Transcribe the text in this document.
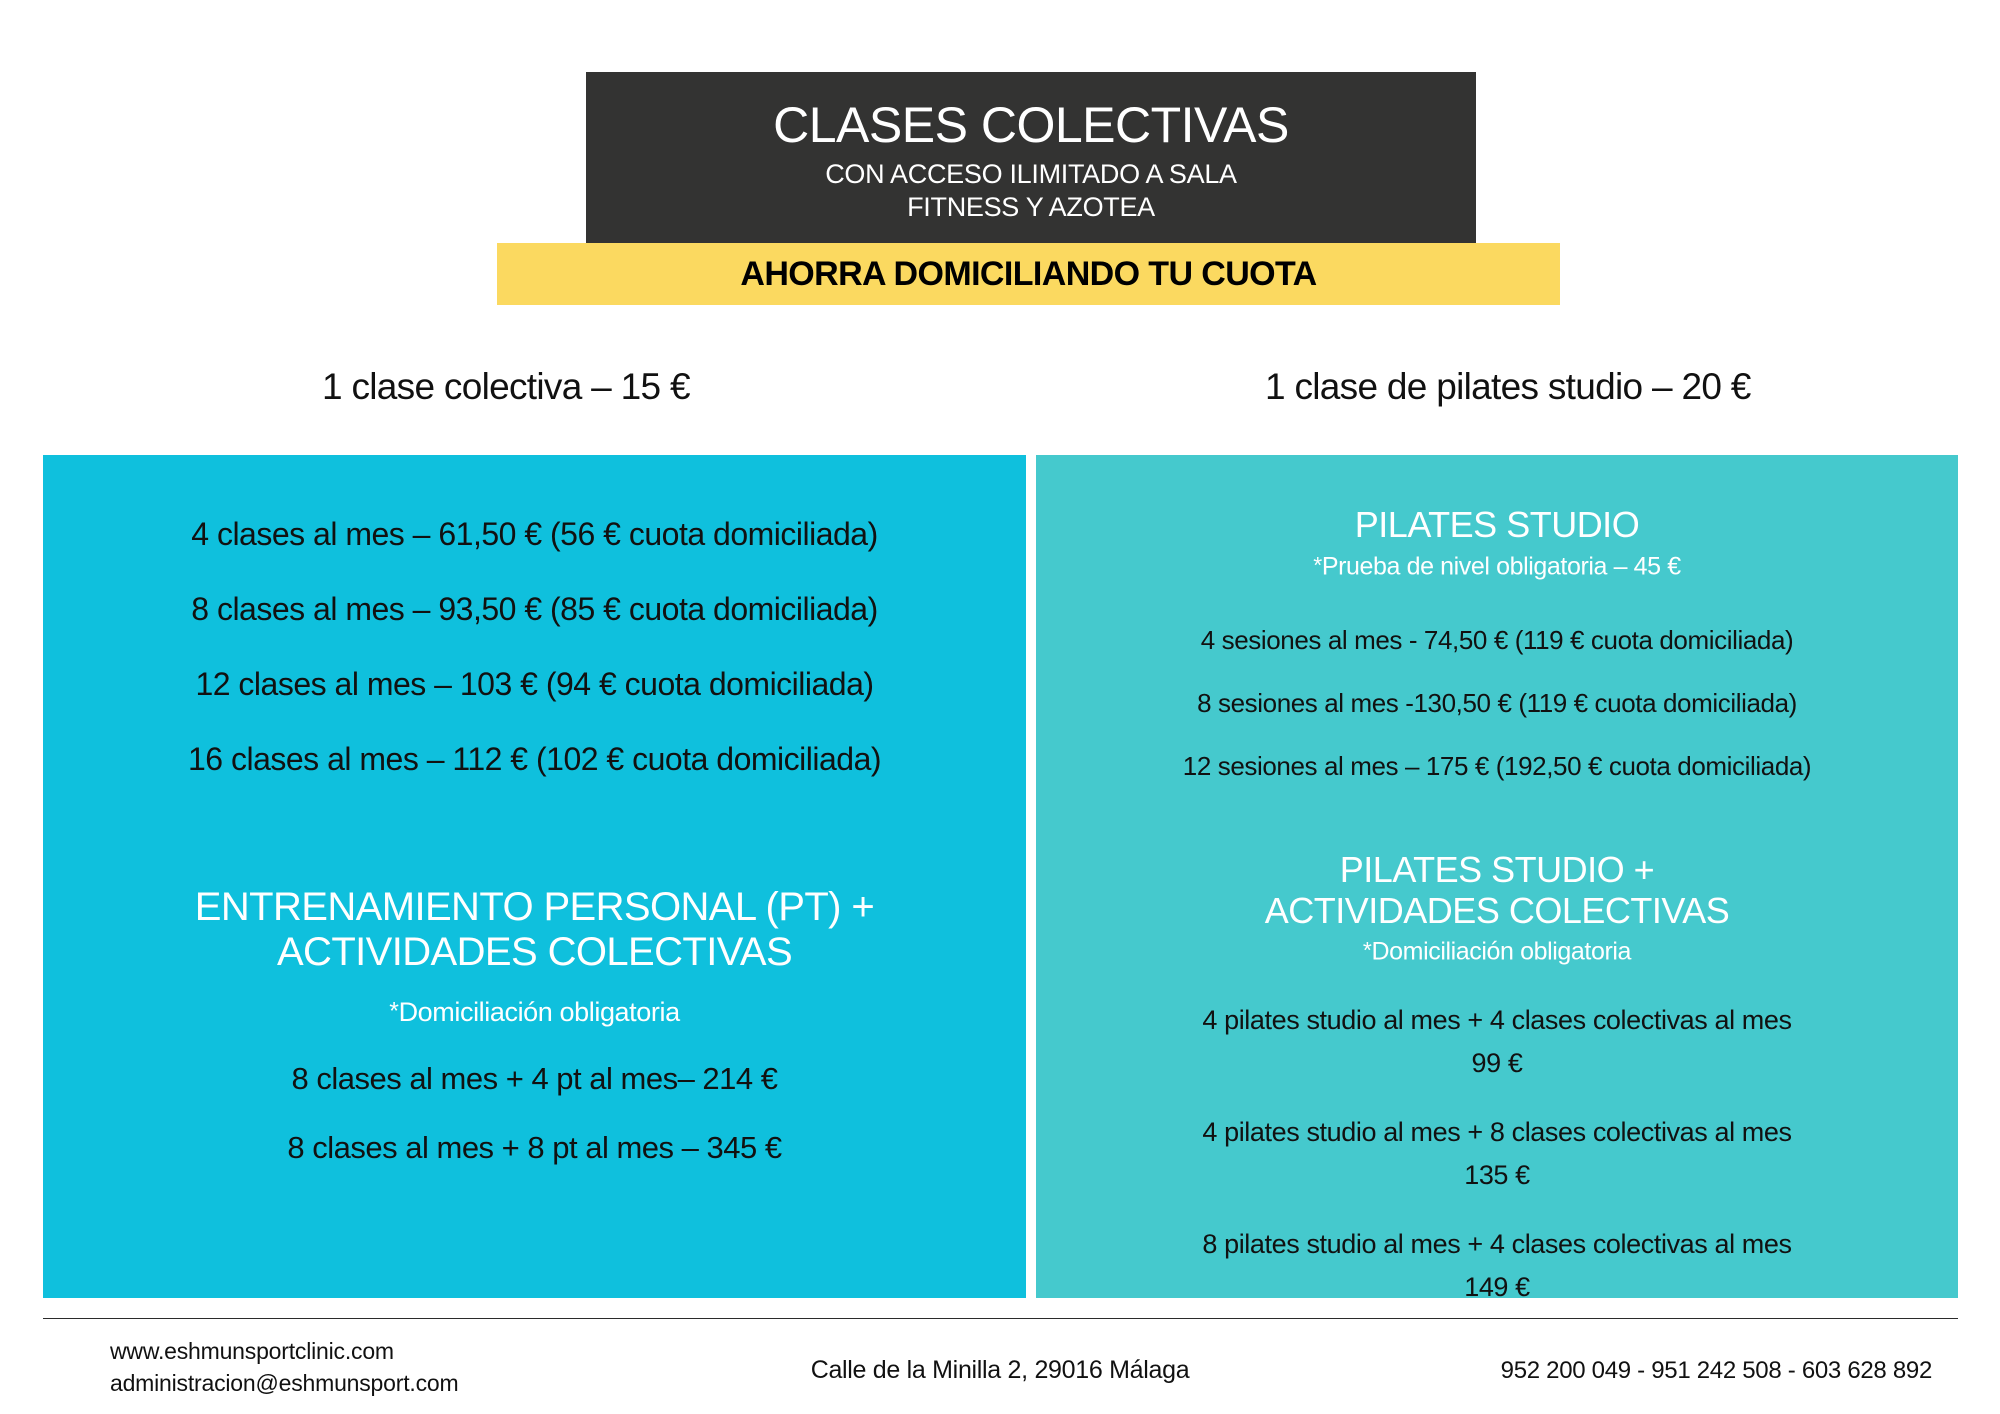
CLASES COLECTIVAS
CON ACCESO ILIMITADO A SALA
FITNESS Y AZOTEA
AHORRA DOMICILIANDO TU CUOTA
1 clase colectiva – 15 €	1 clase de pilates studio – 20 €
4 clases al mes – 61,50 € (56 € cuota domiciliada)
8 clases al mes – 93,50 € (85 € cuota domiciliada)
12 clases al mes – 103 € (94 € cuota domiciliada)
16 clases al mes – 112 € (102 € cuota domiciliada)
ENTRENAMIENTO PERSONAL (PT) +
ACTIVIDADES COLECTIVAS
*Domiciliación obligatoria
8 clases al mes + 4 pt al mes– 214 €
8 clases al mes + 8 pt al mes – 345 €
PILATES STUDIO
*Prueba de nivel obligatoria – 45 €
4 sesiones al mes - 74,50 € (119 € cuota domiciliada)
8 sesiones al mes -130,50 € (119 € cuota domiciliada)
12 sesiones al mes – 175 € (192,50 € cuota domiciliada)
PILATES STUDIO +
ACTIVIDADES COLECTIVAS
*Domiciliación obligatoria
4 pilates studio al mes + 4 clases colectivas al mes
99 €
4 pilates studio al mes + 8 clases colectivas al mes
135 €
8 pilates studio al mes + 4 clases colectivas al mes
149 €
www.eshmunsportclinic.com
administracion@eshmunsport.com	Calle de la Minilla 2, 29016 Málaga	952 200 049 - 951 242 508 - 603 628 892
